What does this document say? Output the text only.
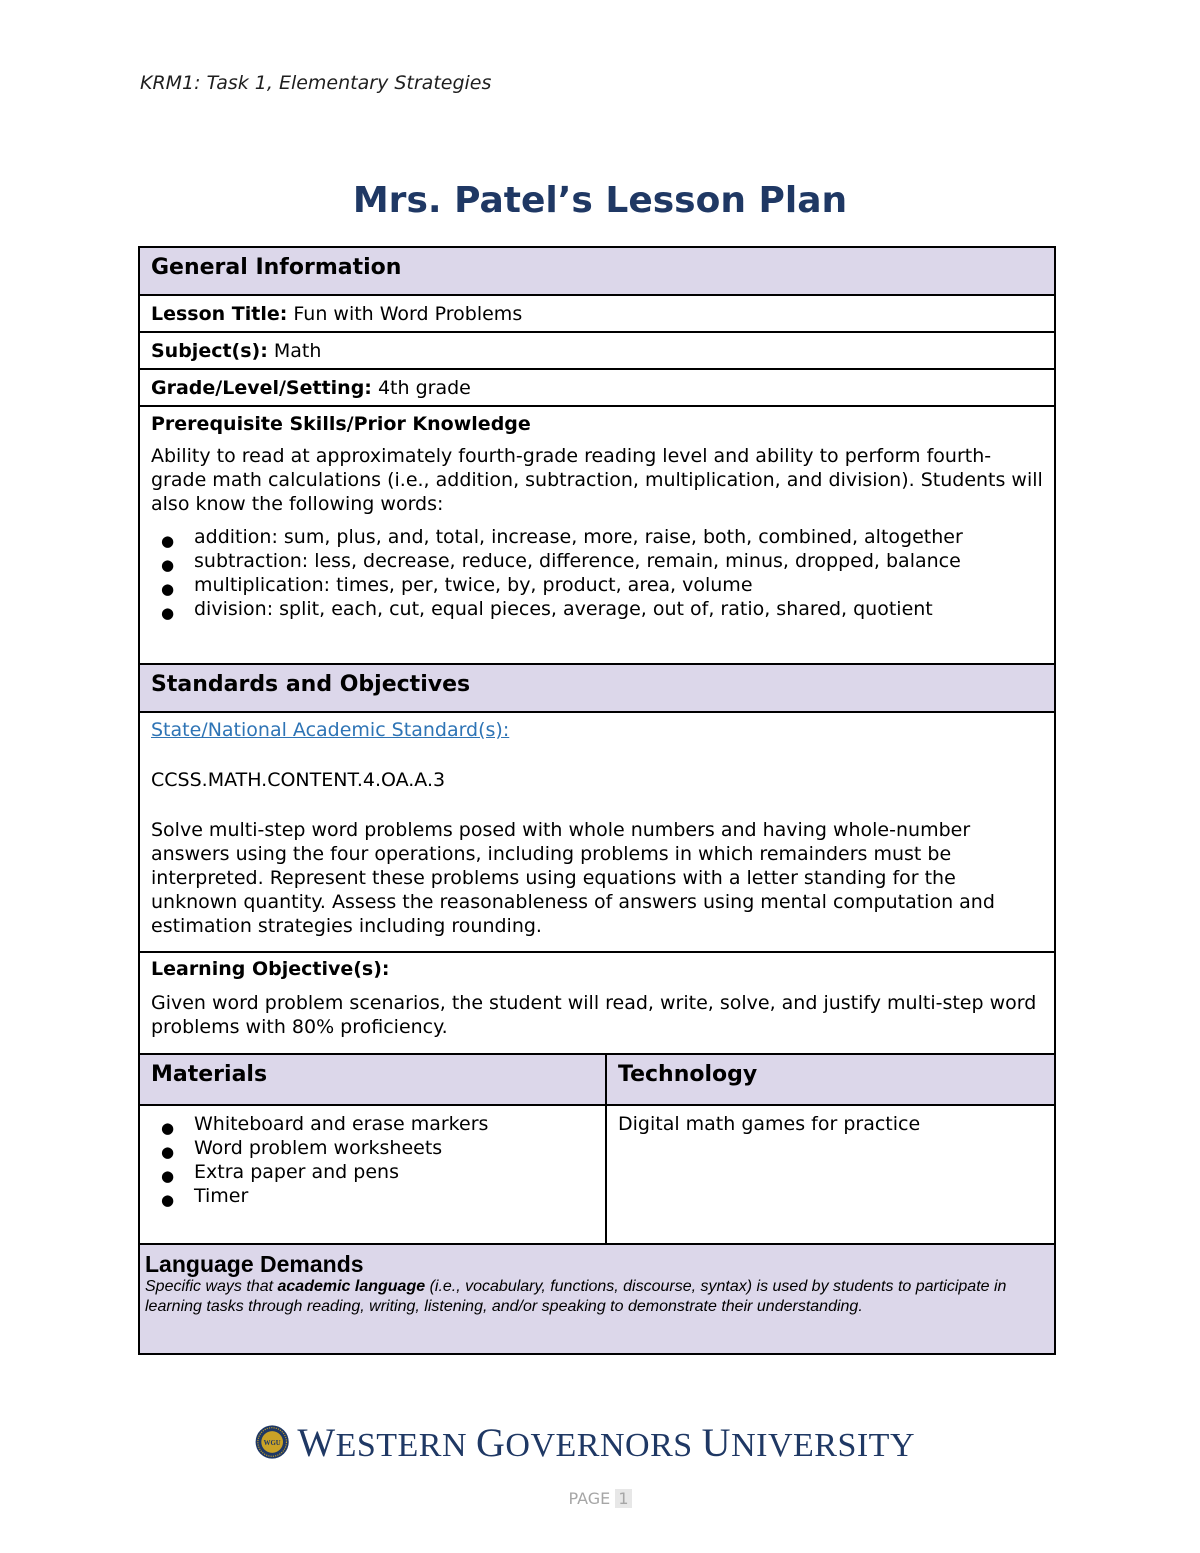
KRM1: Task 1, Elementary Strategies
Mrs. Patel’s Lesson Plan
General Information
Lesson Title: Fun with Word Problems
Subject(s): Math
Grade/Level/Setting: 4th grade
Prerequisite Skills/Prior Knowledge

Ability to read at approximately fourth-grade reading level and ability to perform fourth-grade math calculations (i.e., addition, subtraction, multiplication, and division). Students will also know the following words:

● addition: sum, plus, and, total, increase, more, raise, both, combined, altogether
● subtraction: less, decrease, reduce, difference, remain, minus, dropped, balance
● multiplication: times, per, twice, by, product, area, volume
● division: split, each, cut, equal pieces, average, out of, ratio, shared, quotient
Standards and Objectives
State/National Academic Standard(s):
CCSS.MATH.CONTENT.4.OA.A.3
Solve multi-step word problems posed with whole numbers and having whole-number answers using the four operations, including problems in which remainders must be interpreted. Represent these problems using equations with a letter standing for the unknown quantity. Assess the reasonableness of answers using mental computation and estimation strategies including rounding.
Learning Objective(s):

Given word problem scenarios, the student will read, write, solve, and justify multi-step word problems with 80% proficiency.

Materials	Technology
● Whiteboard and erase markers
● Word problem worksheets
● Extra paper and pens
● Timer
Digital math games for practice
Language Demands
Specific ways that academic language (i.e., vocabulary, functions, discourse, syntax) is used by students to participate in learning tasks through reading, writing, listening, and/or speaking to demonstrate their understanding.
WGU WESTERN GOVERNORS UNIVERSITY
PAGE 1
